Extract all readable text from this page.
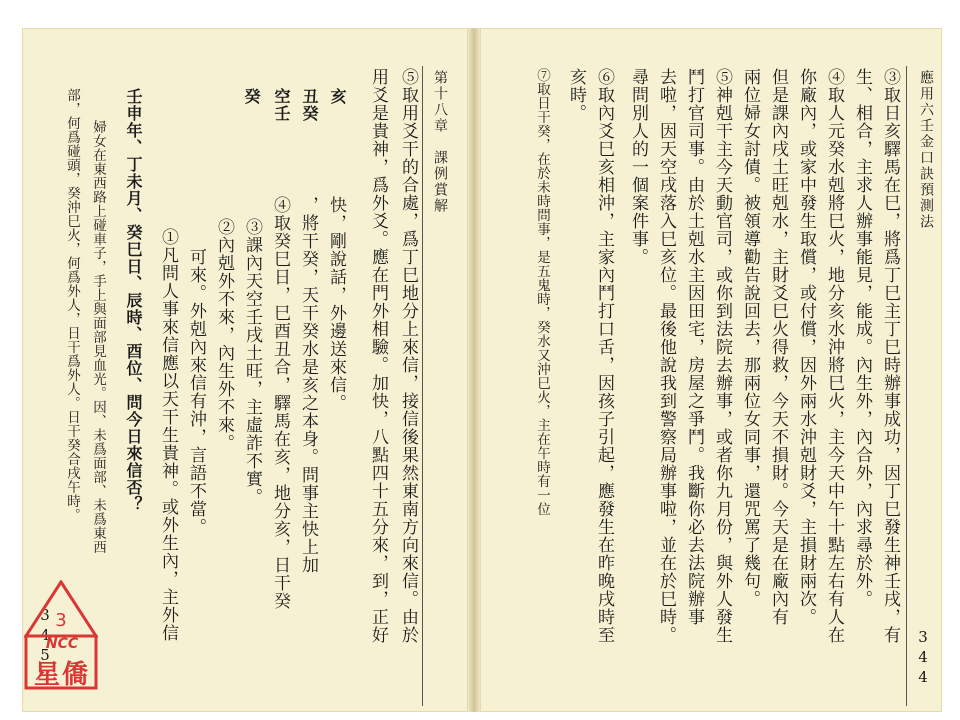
第十八章　課例賞解
⑤取用爻干的合處，爲丁巳地分上來信，接信後果然東南方向來信。由於
用爻是貴神，爲外爻。應在門外相驗。加快，八點四十五分來，到，正好
亥
丑癸
空壬
癸
快，剛說話，外邊送來信。
，將干癸，天干癸水是亥之本身。問事主快上加
④取癸巳日，巳酉丑合，驛馬在亥，地分亥，日干癸
③課內天空壬戌土旺，主虛詐不實。
②內剋外不來，內生外不來。
可來。外剋內來信有沖，言語不當。
①凡問人事來信應以天干生貴神。或外生內，主外信
壬申年、丁未月、癸巳日、辰時、酉位、問今日來信否？
婦女在東西路上碰車子，手上與面部見血光。因、未爲面部、未爲東西
部，何爲碰頭，癸沖巳火，何爲外人，日干爲外人。日干癸合戌午時。
345
應用六壬金口訣預測法
344
③取日亥驛馬在巳，將爲丁巳主丁巳時辦事成功，因丁巳發生神壬戌，有
生、相合，主求人辦事能見，能成。內生外，內合外，內求尋於外。
④取人元癸水剋將巳火，地分亥水沖將巳火，主今天中午十點左右有人在
你廠內，或家中發生取償，或付償，因外兩水沖剋財爻，主損財兩次。
但是課內戌土旺剋水，主財爻巳火得救，今天不損財。今天是在廠內有
兩位婦女討債。被領導勸告說回去，那兩位女同事，還咒罵了幾句。
⑤神剋干主今天動官司，或你到法院去辦事，或者你九月份，與外人發生
鬥打官司事。由於土剋水主因田宅，房屋之爭鬥。我斷你必去法院辦事
去啦，因天空戌落入巳亥位。最後他說我到警察局辦事啦，並在於巳時。
尋問別人的一個案件事。
⑥取內爻巳亥相沖，主家內鬥打口舌，因孩子引起，應發生在昨晚戌時至
亥時。
⑦取日干癸，在於未時問事，是五鬼時，癸水又沖巳火，主在午時有一位
3
NCC
星僑
